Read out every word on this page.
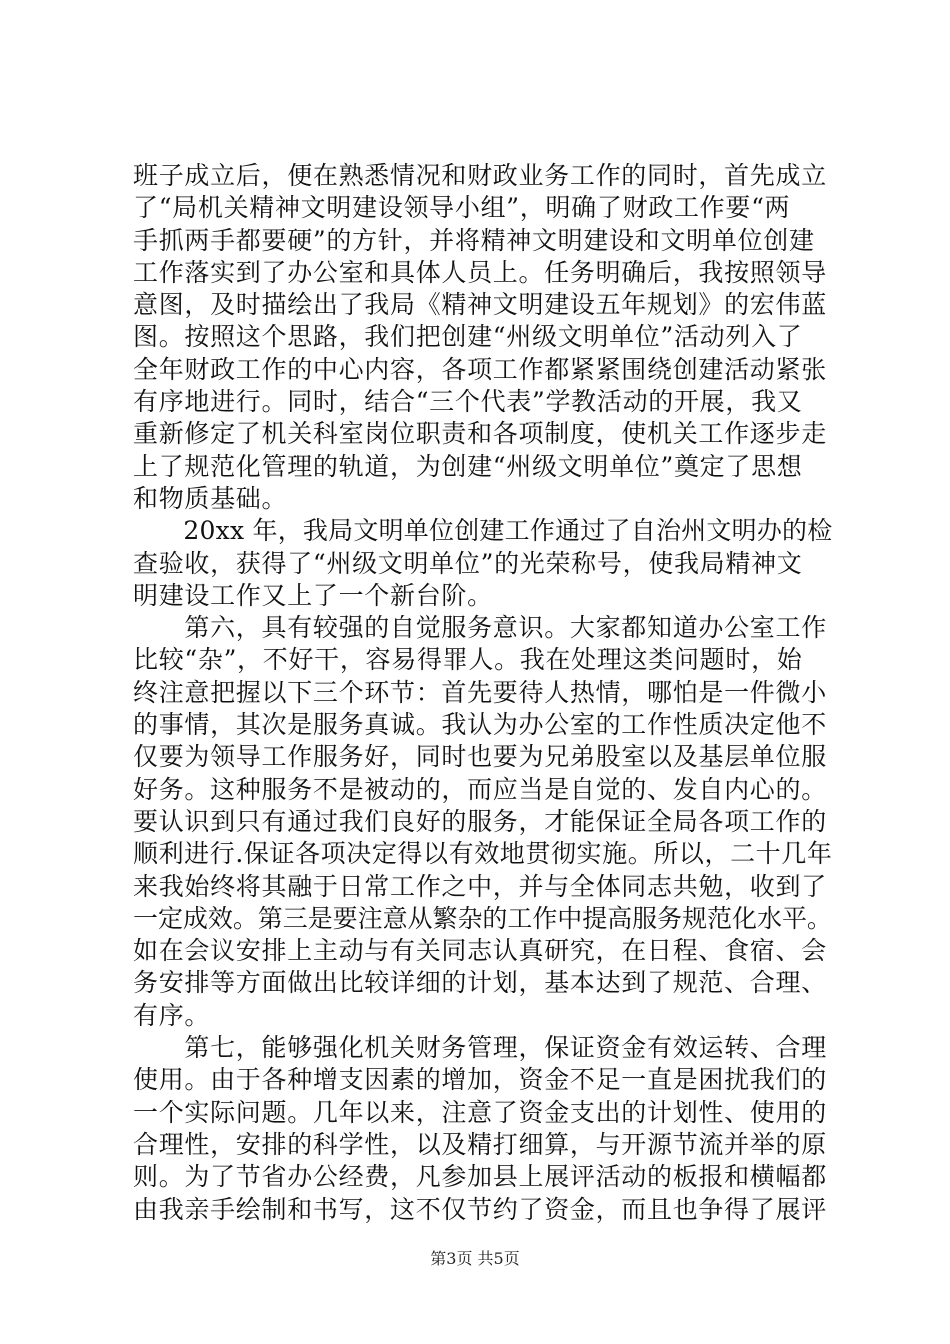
班子成立后，便在熟悉情况和财政业务工作的同时，首先成立
了“局机关精神文明建设领导小组”，明确了财政工作要“两
手抓两手都要硬”的方针，并将精神文明建设和文明单位创建
工作落实到了办公室和具体人员上。任务明确后，我按照领导
意图，及时描绘出了我局《精神文明建设五年规划》的宏伟蓝
图。按照这个思路，我们把创建“州级文明单位”活动列入了
全年财政工作的中心内容，各项工作都紧紧围绕创建活动紧张
有序地进行。同时，结合“三个代表”学教活动的开展，我又
重新修定了机关科室岗位职责和各项制度，使机关工作逐步走
上了规范化管理的轨道，为创建“州级文明单位”奠定了思想
和物质基础。
　　20xx 年，我局文明单位创建工作通过了自治州文明办的检
查验收，获得了“州级文明单位”的光荣称号，使我局精神文
明建设工作又上了一个新台阶。
　　第六，具有较强的自觉服务意识。大家都知道办公室工作
比较“杂”，不好干，容易得罪人。我在处理这类问题时，始
终注意把握以下三个环节：首先要待人热情，哪怕是一件微小
的事情，其次是服务真诚。我认为办公室的工作性质决定他不
仅要为领导工作服务好，同时也要为兄弟股室以及基层单位服
好务。这种服务不是被动的，而应当是自觉的、发自内心的。
要认识到只有通过我们良好的服务，才能保证全局各项工作的
顺利进行.保证各项决定得以有效地贯彻实施。所以，二十几年
来我始终将其融于日常工作之中，并与全体同志共勉，收到了
一定成效。第三是要注意从繁杂的工作中提高服务规范化水平。
如在会议安排上主动与有关同志认真研究，在日程、食宿、会
务安排等方面做出比较详细的计划，基本达到了规范、合理、
有序。
　　第七，能够强化机关财务管理，保证资金有效运转、合理
使用。由于各种增支因素的增加，资金不足一直是困扰我们的
一个实际问题。几年以来，注意了资金支出的计划性、使用的
合理性，安排的科学性，以及精打细算，与开源节流并举的原
则。为了节省办公经费，凡参加县上展评活动的板报和横幅都
由我亲手绘制和书写，这不仅节约了资金，而且也争得了展评
第3页 共5页
